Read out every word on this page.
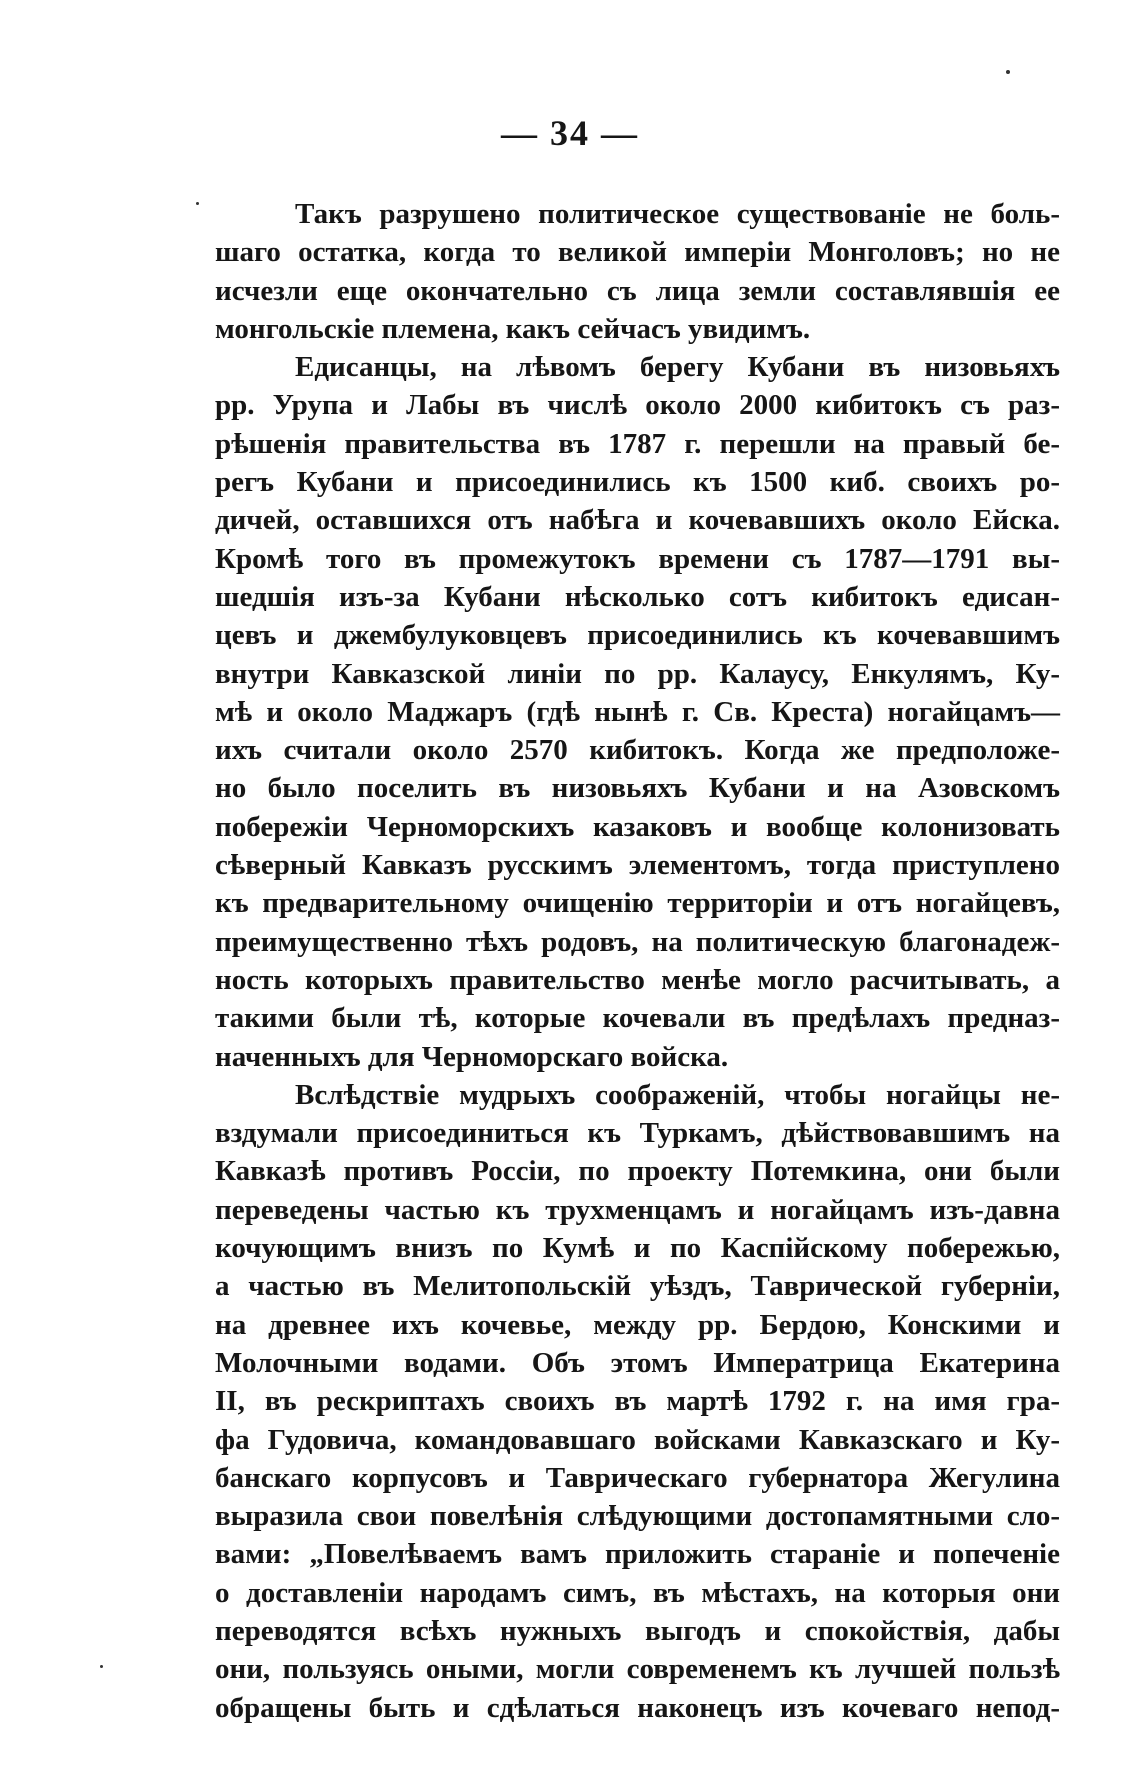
— 34 —
Такъ разрушено политическое существованіе не боль-
шаго остатка, когда то великой имперіи Монголовъ; но не
исчезли еще окончательно съ лица земли составлявшія ее
монгольскіе племена, какъ сейчасъ увидимъ.
Едисанцы, на лѣвомъ берегу Кубани въ низовьяхъ
рр. Урупа и Лабы въ числѣ около 2000 кибитокъ съ раз-
рѣшенія правительства въ 1787 г. перешли на правый бе-
регъ Кубани и присоединились къ 1500 киб. своихъ ро-
дичей, оставшихся отъ набѣга и кочевавшихъ около Ейска.
Кромѣ того въ промежутокъ времени съ 1787—1791 вы-
шедшія изъ-за Кубани нѣсколько сотъ кибитокъ едисан-
цевъ и джембулуковцевъ присоединились къ кочевавшимъ
внутри Кавказской линіи по рр. Калаусу, Енкулямъ, Ку-
мѣ и около Маджаръ (гдѣ нынѣ г. Св. Креста) ногайцамъ—
ихъ считали около 2570 кибитокъ. Когда же предположе-
но было поселить въ низовьяхъ Кубани и на Азовскомъ
побережіи Черноморскихъ казаковъ и вообще колонизовать
сѣверный Кавказъ русскимъ элементомъ, тогда приступлено
къ предварительному очищенію территоріи и отъ ногайцевъ,
преимущественно тѣхъ родовъ, на политическую благонадеж-
ность которыхъ правительство менѣе могло расчитывать, а
такими были тѣ, которые кочевали въ предѣлахъ предназ-
наченныхъ для Черноморскаго войска.
Вслѣдствіе мудрыхъ соображеній, чтобы ногайцы не-
вздумали присоединиться къ Туркамъ, дѣйствовавшимъ на
Кавказѣ противъ Россіи, по проекту Потемкина, они были
переведены частью къ трухменцамъ и ногайцамъ изъ-давна
кочующимъ внизъ по Кумѣ и по Каспійскому побережью,
а частью въ Мелитопольскій уѣздъ, Таврической губерніи,
на древнее ихъ кочевье, между рр. Бердою, Конскими и
Молочными водами. Объ этомъ Императрица Екатерина
II, въ рескриптахъ своихъ въ мартѣ 1792 г. на имя гра-
фа Гудовича, командовавшаго войсками Кавказскаго и Ку-
банскаго корпусовъ и Таврическаго губернатора Жегулина
выразила свои повелѣнія слѣдующими достопамятными сло-
вами: „Повелѣваемъ вамъ приложить стараніе и попеченіе
о доставленіи народамъ симъ, въ мѣстахъ, на которыя они
переводятся всѣхъ нужныхъ выгодъ и спокойствія, дабы
они, пользуясь оными, могли современемъ къ лучшей пользѣ
обращены быть и сдѣлаться наконецъ изъ кочеваго непод-
